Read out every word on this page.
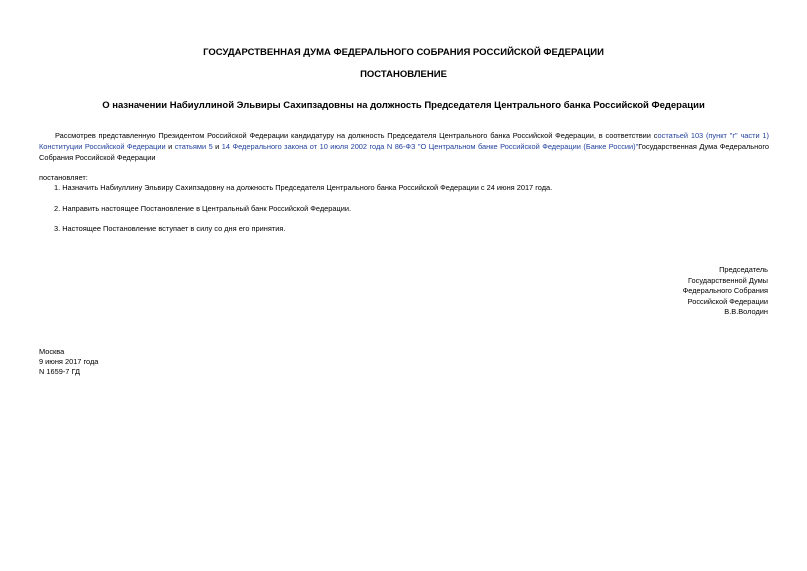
ГОСУДАРСТВЕННАЯ ДУМА ФЕДЕРАЛЬНОГО СОБРАНИЯ РОССИЙСКОЙ ФЕДЕРАЦИИ
ПОСТАНОВЛЕНИЕ
О назначении Набиуллиной Эльвиры Сахипзадовны на должность Председателя Центрального банка Российской Федерации

Рассмотрев представленную Президентом Российской Федерации кандидатуру на должность Председателя Центрального банка Российской Федерации, в соответствии состатьей 103 (пункт "г" части 1) Конституции Российской Федерации и статьями 5 и 14 Федерального закона от 10 июля 2002 года N 86-ФЗ "О Центральном банке Российской Федерации (Банке России)"Государственная Дума Федерального Собрания Российской Федерации

постановляет:
1. Назначить Набиуллину Эльвиру Сахипзадовну на должность Председателя Центрального банка Российской Федерации с 24 июня 2017 года.
2. Направить настоящее Постановление в Центральный банк Российской Федерации.
3. Настоящее Постановление вступает в силу со дня его принятия.
Председатель
Государственной Думы
Федерального Собрания
Российской Федерации
В.В.Володин
Москва
9 июня 2017 года
N 1659-7 ГД
